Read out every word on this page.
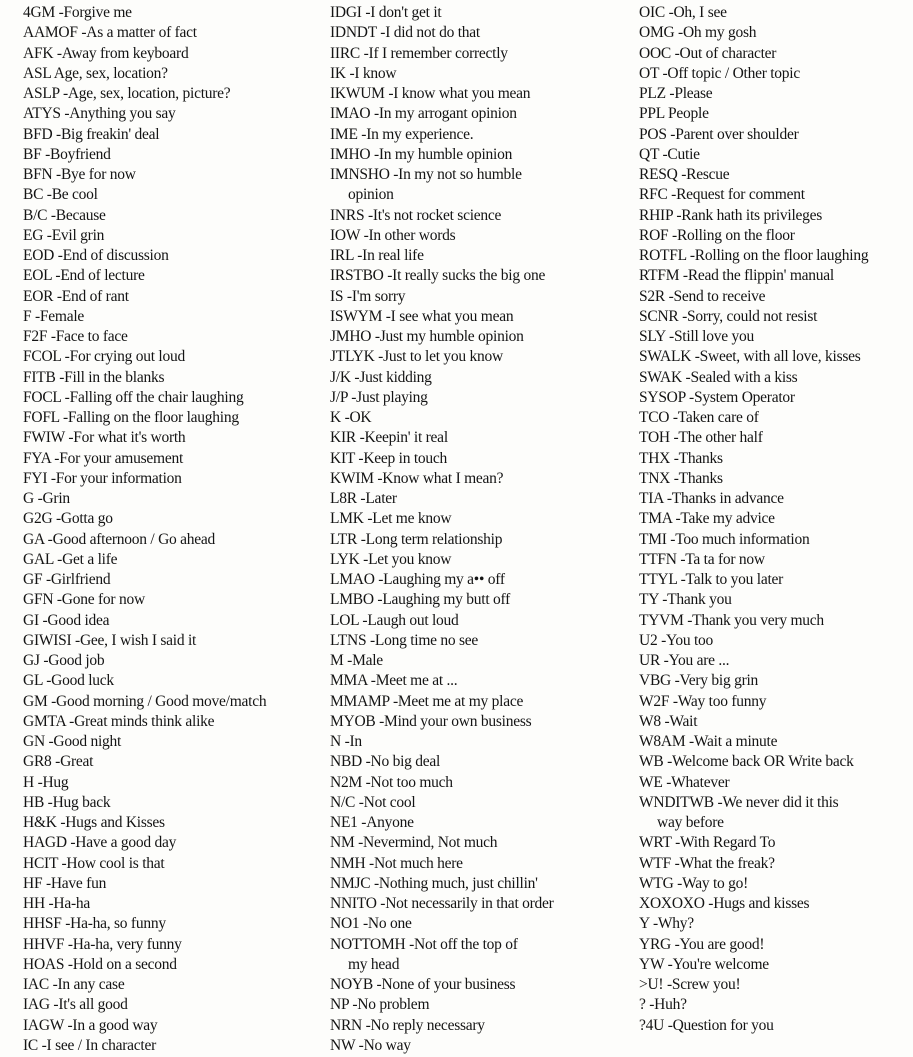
4GM -Forgive me
AAMOF -As a matter of fact
AFK -Away from keyboard
ASL Age, sex, location?
ASLP -Age, sex, location, picture?
ATYS -Anything you say
BFD -Big freakin' deal
BF -Boyfriend
BFN -Bye for now
BC -Be cool
B/C -Because
EG -Evil grin
EOD -End of discussion
EOL -End of lecture
EOR -End of rant
F -Female
F2F -Face to face
FCOL -For crying out loud
FITB -Fill in the blanks
FOCL -Falling off the chair laughing
FOFL -Falling on the floor laughing
FWIW -For what it's worth
FYA -For your amusement
FYI -For your information
G -Grin
G2G -Gotta go
GA -Good afternoon / Go ahead
GAL -Get a life
GF -Girlfriend
GFN -Gone for now
GI -Good idea
GIWISI -Gee, I wish I said it
GJ -Good job
GL -Good luck
GM -Good morning / Good move/match
GMTA -Great minds think alike
GN -Good night
GR8 -Great
H -Hug
HB -Hug back
H&K -Hugs and Kisses
HAGD -Have a good day
HCIT -How cool is that
HF -Have fun
HH -Ha-ha
HHSF -Ha-ha, so funny
HHVF -Ha-ha, very funny
HOAS -Hold on a second
IAC -In any case
IAG -It's all good
IAGW -In a good way
IC -I see / In character
IDGI -I don't get it
IDNDT -I did not do that
IIRC -If I remember correctly
IK -I know
IKWUM -I know what you mean
IMAO -In my arrogant opinion
IME -In my experience.
IMHO -In my humble opinion
IMNSHO -In my not so humble
opinion
INRS -It's not rocket science
IOW -In other words
IRL -In real life
IRSTBO -It really sucks the big one
IS -I'm sorry
ISWYM -I see what you mean
JMHO -Just my humble opinion
JTLYK -Just to let you know
J/K -Just kidding
J/P -Just playing
K -OK
KIR -Keepin' it real
KIT -Keep in touch
KWIM -Know what I mean?
L8R -Later
LMK -Let me know
LTR -Long term relationship
LYK -Let you know
LMAO -Laughing my a•• off
LMBO -Laughing my butt off
LOL -Laugh out loud
LTNS -Long time no see
M -Male
MMA -Meet me at ...
MMAMP -Meet me at my place
MYOB -Mind your own business
N -In
NBD -No big deal
N2M -Not too much
N/C -Not cool
NE1 -Anyone
NM -Nevermind, Not much
NMH -Not much here
NMJC -Nothing much, just chillin'
NNITO -Not necessarily in that order
NO1 -No one
NOTTOMH -Not off the top of
my head
NOYB -None of your business
NP -No problem
NRN -No reply necessary
NW -No way
OIC -Oh, I see
OMG -Oh my gosh
OOC -Out of character
OT -Off topic / Other topic
PLZ -Please
PPL People
POS -Parent over shoulder
QT -Cutie
RESQ -Rescue
RFC -Request for comment
RHIP -Rank hath its privileges
ROF -Rolling on the floor
ROTFL -Rolling on the floor laughing
RTFM -Read the flippin' manual
S2R -Send to receive
SCNR -Sorry, could not resist
SLY -Still love you
SWALK -Sweet, with all love, kisses
SWAK -Sealed with a kiss
SYSOP -System Operator
TCO -Taken care of
TOH -The other half
THX -Thanks
TNX -Thanks
TIA -Thanks in advance
TMA -Take my advice
TMI -Too much information
TTFN -Ta ta for now
TTYL -Talk to you later
TY -Thank you
TYVM -Thank you very much
U2 -You too
UR -You are ...
VBG -Very big grin
W2F -Way too funny
W8 -Wait
W8AM -Wait a minute
WB -Welcome back OR Write back
WE -Whatever
WNDITWB -We never did it this
way before
WRT -With Regard To
WTF -What the freak?
WTG -Way to go!
XOXOXO -Hugs and kisses
Y -Why?
YRG -You are good!
YW -You're welcome
>U! -Screw you!
? -Huh?
?4U -Question for you
